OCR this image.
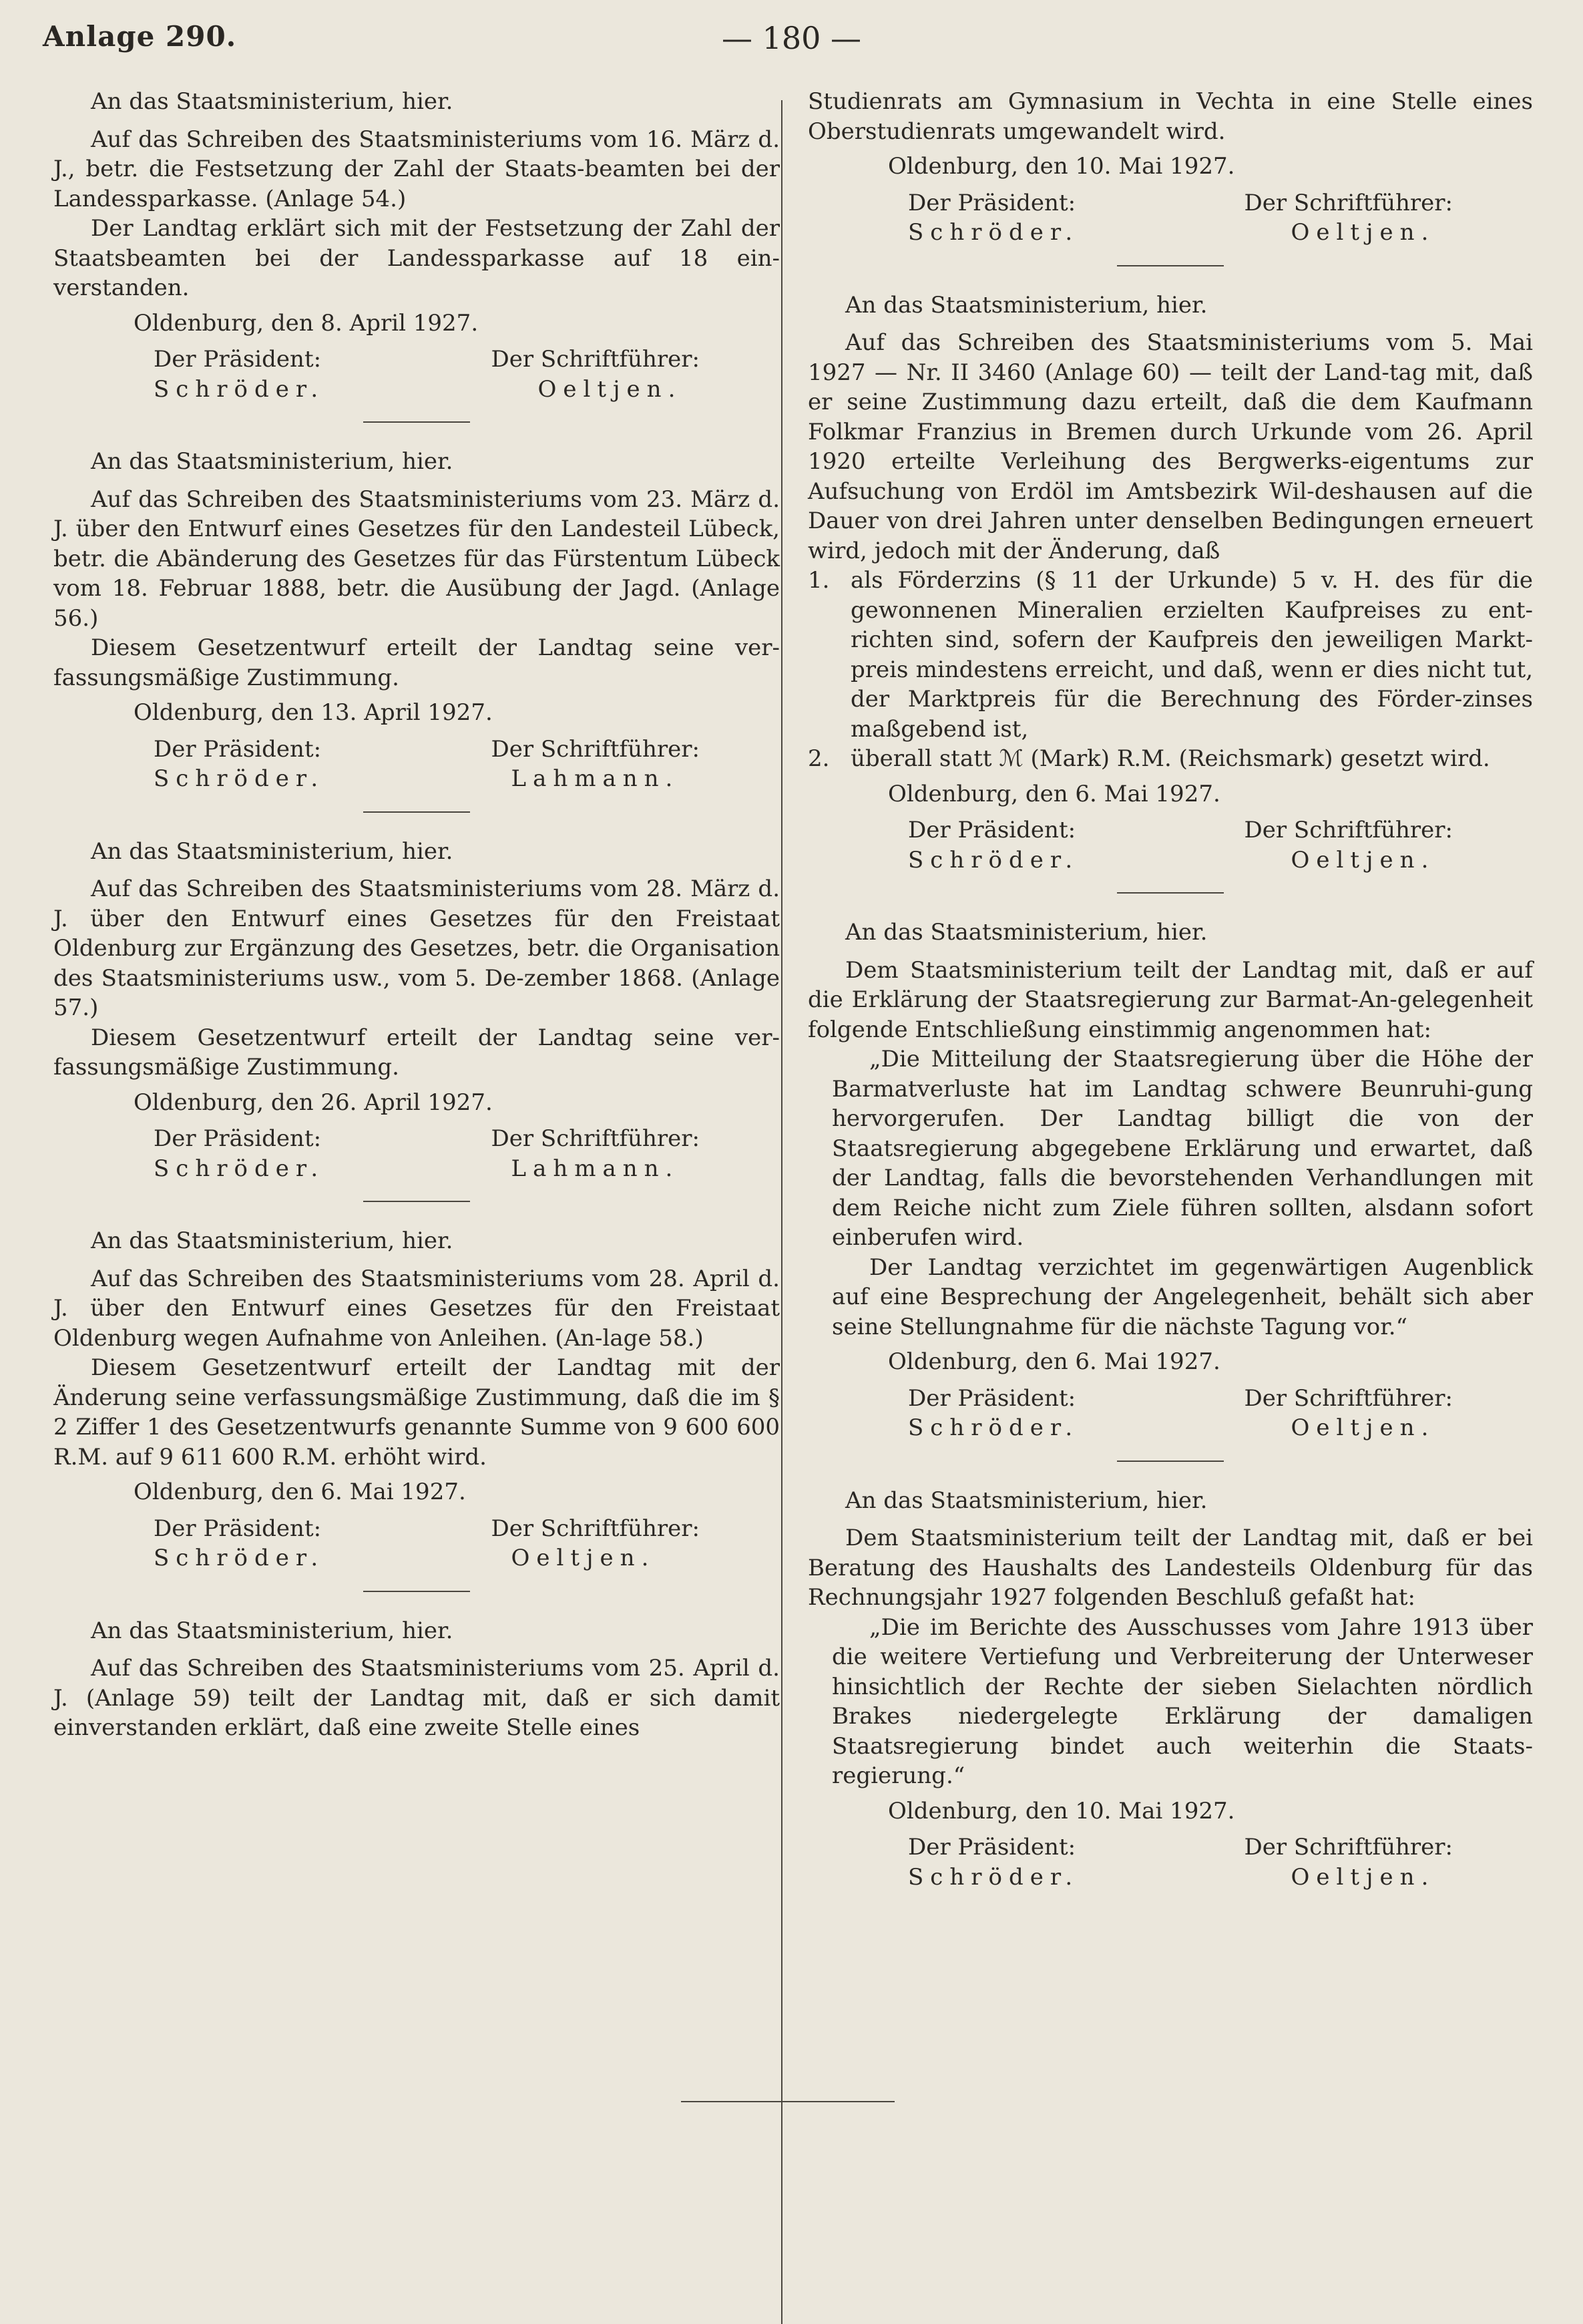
Anlage 290.	— 180 —
An das Staatsministerium, hier.

Auf das Schreiben des Staatsministeriums vom 16. März d. J., betr. die Festsetzung der Zahl der Staats-beamten bei der Landessparkasse. (Anlage 54.)

Der Landtag erklärt sich mit der Festsetzung der Zahl der Staatsbeamten bei der Landessparkasse auf 18 ein-verstanden.

Oldenburg, den 8. April 1927.
Der Präsident:
Schröder.
Der Schriftführer:
Oeltjen.
An das Staatsministerium, hier.

Auf das Schreiben des Staatsministeriums vom 23. März d. J. über den Entwurf eines Gesetzes für den Landesteil Lübeck, betr. die Abänderung des Gesetzes für das Fürstentum Lübeck vom 18. Februar 1888, betr. die Ausübung der Jagd. (Anlage 56.)

Diesem Gesetzentwurf erteilt der Landtag seine ver-fassungsmäßige Zustimmung.

Oldenburg, den 13. April 1927.
Der Präsident:
Schröder.
Der Schriftführer:
Lahmann.
An das Staatsministerium, hier.

Auf das Schreiben des Staatsministeriums vom 28. März d. J. über den Entwurf eines Gesetzes für den Freistaat Oldenburg zur Ergänzung des Gesetzes, betr. die Organisation des Staatsministeriums usw., vom 5. De-zember 1868. (Anlage 57.)

Diesem Gesetzentwurf erteilt der Landtag seine ver-fassungsmäßige Zustimmung.

Oldenburg, den 26. April 1927.
Der Präsident:
Schröder.
Der Schriftführer:
Lahmann.
An das Staatsministerium, hier.

Auf das Schreiben des Staatsministeriums vom 28. April d. J. über den Entwurf eines Gesetzes für den Freistaat Oldenburg wegen Aufnahme von Anleihen. (An-lage 58.)

Diesem Gesetzentwurf erteilt der Landtag mit der Änderung seine verfassungsmäßige Zustimmung, daß die im § 2 Ziffer 1 des Gesetzentwurfs genannte Summe von 9 600 600 R.M. auf 9 611 600 R.M. erhöht wird.

Oldenburg, den 6. Mai 1927.
Der Präsident:
Schröder.
Der Schriftführer:
Oeltjen.
An das Staatsministerium, hier.

Auf das Schreiben des Staatsministeriums vom 25. April d. J. (Anlage 59) teilt der Landtag mit, daß er sich damit einverstanden erklärt, daß eine zweite Stelle eines

Studienrats am Gymnasium in Vechta in eine Stelle eines Oberstudienrats umgewandelt wird.

Oldenburg, den 10. Mai 1927.
Der Präsident:
Schröder.
Der Schriftführer:
Oeltjen.
An das Staatsministerium, hier.

Auf das Schreiben des Staatsministeriums vom 5. Mai 1927 — Nr. II 3460 (Anlage 60) — teilt der Land-tag mit, daß er seine Zustimmung dazu erteilt, daß die dem Kaufmann Folkmar Franzius in Bremen durch Urkunde vom 26. April 1920 erteilte Verleihung des Bergwerks-eigentums zur Aufsuchung von Erdöl im Amtsbezirk Wil-deshausen auf die Dauer von drei Jahren unter denselben Bedingungen erneuert wird, jedoch mit der Änderung, daß

1. als Förderzins (§ 11 der Urkunde) 5 v. H. des für die gewonnenen Mineralien erzielten Kaufpreises zu ent-richten sind, sofern der Kaufpreis den jeweiligen Markt-preis mindestens erreicht, und daß, wenn er dies nicht tut, der Marktpreis für die Berechnung des Förder-zinses maßgebend ist,
2. überall statt ℳ (Mark) R.M. (Reichsmark) gesetzt wird.
Oldenburg, den 6. Mai 1927.
Der Präsident:
Schröder.
Der Schriftführer:
Oeltjen.
An das Staatsministerium, hier.

Dem Staatsministerium teilt der Landtag mit, daß er auf die Erklärung der Staatsregierung zur Barmat-An-gelegenheit folgende Entschließung einstimmig angenommen hat:

„Die Mitteilung der Staatsregierung über die Höhe der Barmatverluste hat im Landtag schwere Beunruhi-gung hervorgerufen. Der Landtag billigt die von der Staatsregierung abgegebene Erklärung und erwartet, daß der Landtag, falls die bevorstehenden Verhandlungen mit dem Reiche nicht zum Ziele führen sollten, alsdann sofort einberufen wird.

Der Landtag verzichtet im gegenwärtigen Augenblick auf eine Besprechung der Angelegenheit, behält sich aber seine Stellungnahme für die nächste Tagung vor.“

Oldenburg, den 6. Mai 1927.
Der Präsident:
Schröder.
Der Schriftführer:
Oeltjen.
An das Staatsministerium, hier.

Dem Staatsministerium teilt der Landtag mit, daß er bei Beratung des Haushalts des Landesteils Oldenburg für das Rechnungsjahr 1927 folgenden Beschluß gefaßt hat:

„Die im Berichte des Ausschusses vom Jahre 1913 über die weitere Vertiefung und Verbreiterung der Unterweser hinsichtlich der Rechte der sieben Sielachten nördlich Brakes niedergelegte Erklärung der damaligen Staatsregierung bindet auch weiterhin die Staats-regierung.“

Oldenburg, den 10. Mai 1927.
Der Präsident:
Schröder.
Der Schriftführer:
Oeltjen.
